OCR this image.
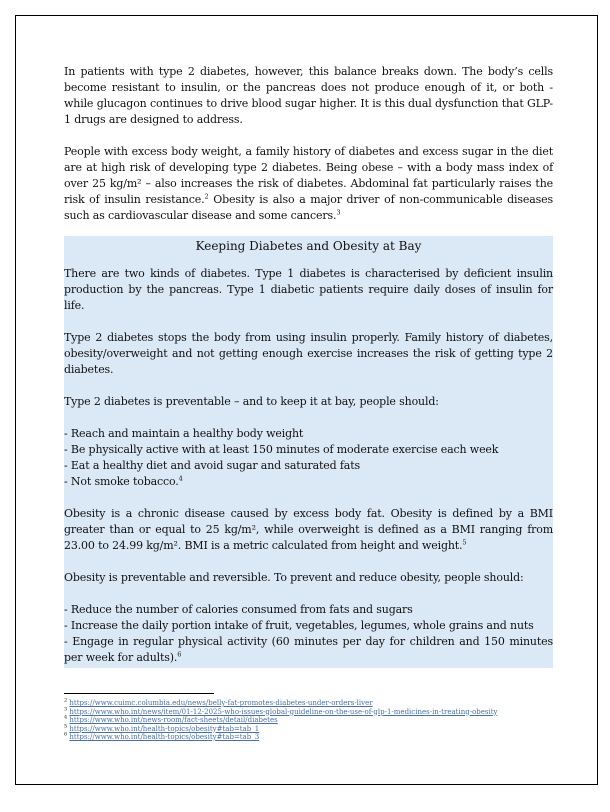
In patients with type 2 diabetes, however, this balance breaks down. The body’s cells become resistant to insulin, or the pancreas does not produce enough of it, or both - while glucagon continues to drive blood sugar higher. It is this dual dysfunction that GLP-1 drugs are designed to address.

People with excess body weight, a family history of diabetes and excess sugar in the diet are at high risk of developing type 2 diabetes. Being obese – with a body mass index of over 25 kg/m² – also increases the risk of diabetes. Abdominal fat particularly raises the risk of insulin resistance.$^2$ Obesity is also a major driver of non-communicable diseases such as cardiovascular disease and some cancers.$^3$

Keeping Diabetes and Obesity at Bay

There are two kinds of diabetes. Type 1 diabetes is characterised by deficient insulin production by the pancreas. Type 1 diabetic patients require daily doses of insulin for life.

Type 2 diabetes stops the body from using insulin properly. Family history of diabetes, obesity/overweight and not getting enough exercise increases the risk of getting type 2 diabetes.

Type 2 diabetes is preventable – and to keep it at bay, people should:

- Reach and maintain a healthy body weight
- Be physically active with at least 150 minutes of moderate exercise each week
- Eat a healthy diet and avoid sugar and saturated fats
- Not smoke tobacco.$^4$

Obesity is a chronic disease caused by excess body fat. Obesity is defined by a BMI greater than or equal to 25 kg/m², while overweight is defined as a BMI ranging from 23.00 to 24.99 kg/m². BMI is a metric calculated from height and weight.$^5$

Obesity is preventable and reversible. To prevent and reduce obesity, people should:

- Reduce the number of calories consumed from fats and sugars
- Increase the daily portion intake of fruit, vegetables, legumes, whole grains and nuts
- Engage in regular physical activity (60 minutes per day for children and 150 minutes per week for adults).$^6$

$^2$ https://www.cuimc.columbia.edu/news/belly-fat-promotes-diabetes-under-orders-liver
$^3$ https://www.who.int/news/item/01-12-2025-who-issues-global-guideline-on-the-use-of-glp-1-medicines-in-treating-obesity
$^4$ https://www.who.int/news-room/fact-sheets/detail/diabetes
$^5$ https://www.who.int/health-topics/obesity#tab=tab_1
$^6$ https://www.who.int/health-topics/obesity#tab=tab_3
